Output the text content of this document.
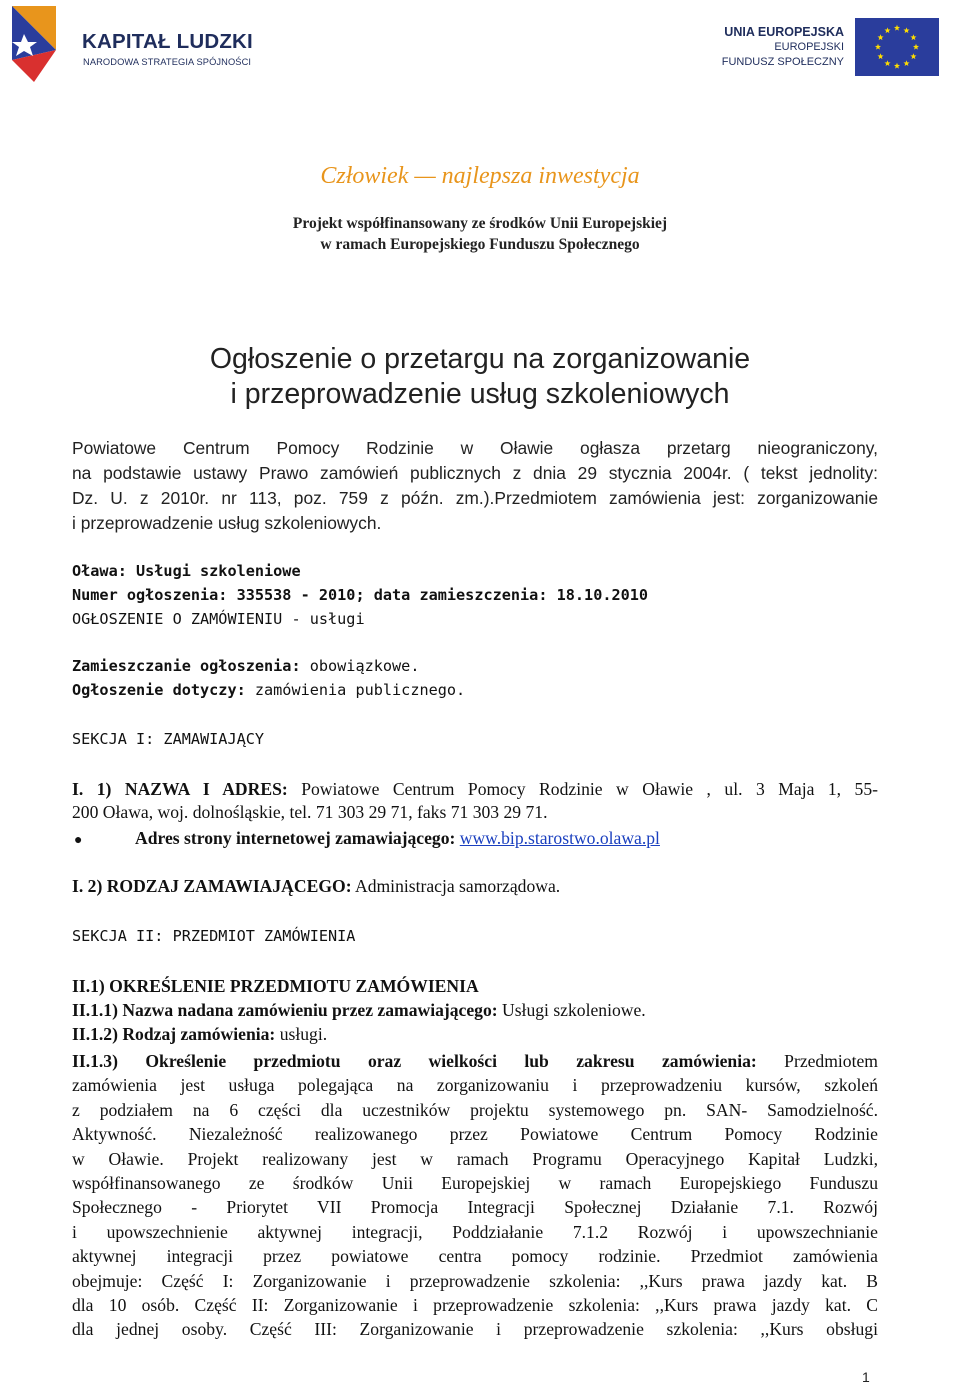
KAPITAŁ LUDZKI
NARODOWA STRATEGIA SPÓJNOŚCI
UNIA EUROPEJSKA
EUROPEJSKI
FUNDUSZ SPOŁECZNY
Człowiek — najlepsza inwestycja
Projekt współfinansowany ze środków Unii Europejskiej
w ramach Europejskiego Funduszu Społecznego
Ogłoszenie o przetargu na zorganizowanie
i przeprowadzenie usług szkoleniowych
Powiatowe Centrum Pomocy Rodzinie w Oławie ogłasza przetarg nieograniczony,
na podstawie ustawy Prawo zamówień publicznych z dnia 29 stycznia 2004r. ( tekst jednolity:
Dz. U. z 2010r. nr 113, poz. 759 z późn. zm.).Przedmiotem zamówienia jest: zorganizowanie
i przeprowadzenie usług szkoleniowych.
Oława: Usługi szkoleniowe
Numer ogłoszenia: 335538 - 2010; data zamieszczenia: 18.10.2010
OGŁOSZENIE O ZAMÓWIENIU - usługi
Zamieszczanie ogłoszenia: obowiązkowe.
Ogłoszenie dotyczy: zamówienia publicznego.
SEKCJA I: ZAMAWIAJĄCY
I. 1) NAZWA I ADRES: Powiatowe Centrum Pomocy Rodzinie w Oławie , ul. 3 Maja 1, 55-
200 Oława, woj. dolnośląskie, tel. 71 303 29 71, faks 71 303 29 71.
●	Adres strony internetowej zamawiającego: www.bip.starostwo.olawa.pl
I. 2) RODZAJ ZAMAWIAJĄCEGO: Administracja samorządowa.
SEKCJA II: PRZEDMIOT ZAMÓWIENIA
II.1) OKREŚLENIE PRZEDMIOTU ZAMÓWIENIA
II.1.1) Nazwa nadana zamówieniu przez zamawiającego: Usługi szkoleniowe.
II.1.2) Rodzaj zamówienia: usługi.
II.1.3) Określenie przedmiotu oraz wielkości lub zakresu zamówienia: Przedmiotem
zamówienia jest usługa polegająca na zorganizowaniu i przeprowadzeniu kursów, szkoleń
z podziałem na 6 części dla uczestników projektu systemowego pn. SAN- Samodzielność.
Aktywność. Niezależność realizowanego przez Powiatowe Centrum Pomocy Rodzinie
w Oławie. Projekt realizowany jest w ramach Programu Operacyjnego Kapitał Ludzki,
współfinansowanego ze środków Unii Europejskiej w ramach Europejskiego Funduszu
Społecznego - Priorytet VII Promocja Integracji Społecznej Działanie 7.1. Rozwój
i upowszechnienie aktywnej integracji, Poddziałanie 7.1.2 Rozwój i upowszechnianie
aktywnej integracji przez powiatowe centra pomocy rodzinie. Przedmiot zamówienia
obejmuje: Część I: Zorganizowanie i przeprowadzenie szkolenia: ,,Kurs prawa jazdy kat. B
dla 10 osób. Część II: Zorganizowanie i przeprowadzenie szkolenia: ,,Kurs prawa jazdy kat. C
dla jednej osoby. Część III: Zorganizowanie i przeprowadzenie szkolenia: ,,Kurs obsługi
1
